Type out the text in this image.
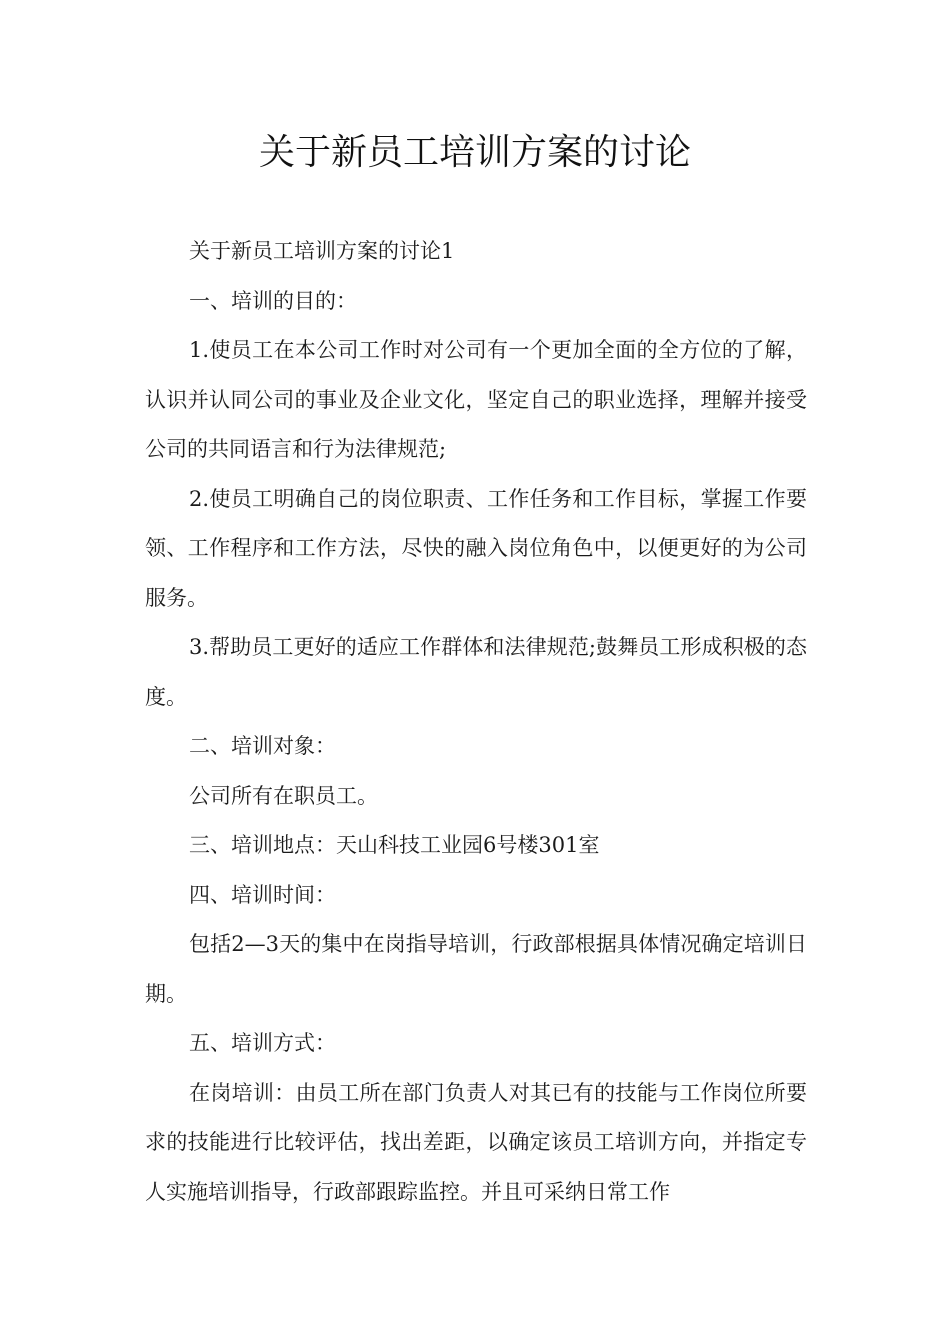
关于新员工培训方案的讨论

关于新员工培训方案的讨论1

一、培训的目的：

1.使员工在本公司工作时对公司有一个更加全面的全方位的了解，认识并认同公司的事业及企业文化，坚定自己的职业选择，理解并接受公司的共同语言和行为法律规范;

2.使员工明确自己的岗位职责、工作任务和工作目标，掌握工作要领、工作程序和工作方法，尽快的融入岗位角色中，以便更好的为公司服务。

3.帮助员工更好的适应工作群体和法律规范;鼓舞员工形成积极的态度。

二、培训对象：

公司所有在职员工。

三、培训地点：天山科技工业园6号楼301室

四、培训时间：

包括2—3天的集中在岗指导培训，行政部根据具体情况确定培训日期。

五、培训方式：

在岗培训：由员工所在部门负责人对其已有的技能与工作岗位所要求的技能进行比较评估，找出差距，以确定该员工培训方向，并指定专人实施培训指导，行政部跟踪监控。并且可采纳日常工作
